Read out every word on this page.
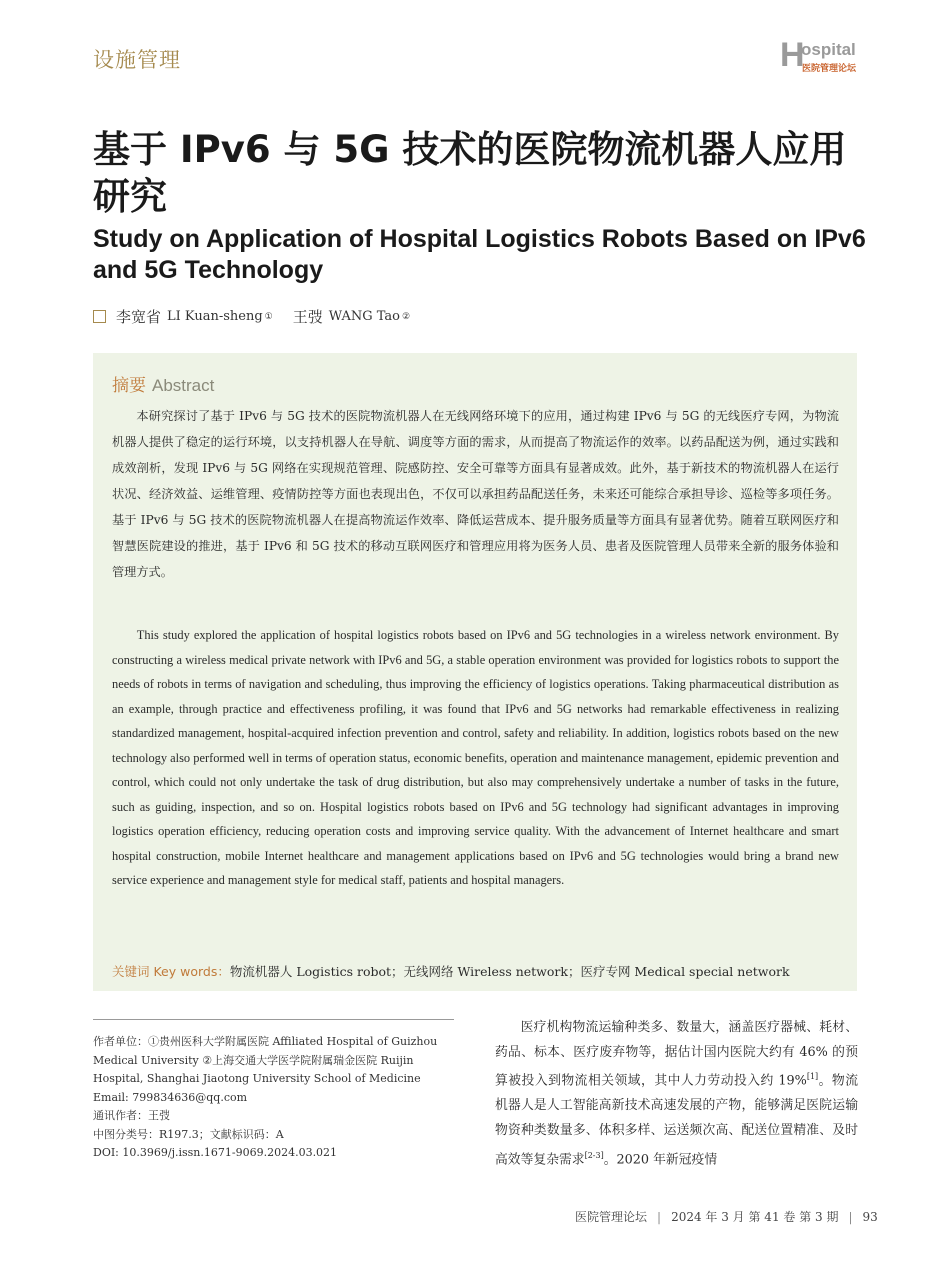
设施管理	H
ospital
医院管理论坛
基于 IPv6 与 5G 技术的医院物流机器人应用研究
Study on Application of Hospital Logistics Robots Based on IPv6 and 5G Technology
李宽省 LI Kuan-sheng ① 王弢 WANG Tao ②
摘要 Abstract

本研究探讨了基于 IPv6 与 5G 技术的医院物流机器人在无线网络环境下的应用，通过构建 IPv6 与 5G 的无线医疗专网，为物流机器人提供了稳定的运行环境，以支持机器人在导航、调度等方面的需求，从而提高了物流运作的效率。以药品配送为例，通过实践和成效剖析，发现 IPv6 与 5G 网络在实现规范管理、院感防控、安全可靠等方面具有显著成效。此外，基于新技术的物流机器人在运行状况、经济效益、运维管理、疫情防控等方面也表现出色，不仅可以承担药品配送任务，未来还可能综合承担导诊、巡检等多项任务。基于 IPv6 与 5G 技术的医院物流机器人在提高物流运作效率、降低运营成本、提升服务质量等方面具有显著优势。随着互联网医疗和智慧医院建设的推进，基于 IPv6 和 5G 技术的移动互联网医疗和管理应用将为医务人员、患者及医院管理人员带来全新的服务体验和管理方式。

This study explored the application of hospital logistics robots based on IPv6 and 5G technologies in a wireless network environment. By constructing a wireless medical private network with IPv6 and 5G, a stable operation environment was provided for logistics robots to support the needs of robots in terms of navigation and scheduling, thus improving the efficiency of logistics operations. Taking pharmaceutical distribution as an example, through practice and effectiveness profiling, it was found that IPv6 and 5G networks had remarkable effectiveness in realizing standardized management, hospital-acquired infection prevention and control, safety and reliability. In addition, logistics robots based on the new technology also performed well in terms of operation status, economic benefits, operation and maintenance management, epidemic prevention and control, which could not only undertake the task of drug distribution, but also may comprehensively undertake a number of tasks in the future, such as guiding, inspection, and so on. Hospital logistics robots based on IPv6 and 5G technology had significant advantages in improving logistics operation efficiency, reducing operation costs and improving service quality. With the advancement of Internet healthcare and smart hospital construction, mobile Internet healthcare and management applications based on IPv6 and 5G technologies would bring a brand new service experience and management style for medical staff, patients and hospital managers.

关键词 Key words：物流机器人 Logistics robot；无线网络 Wireless network；医疗专网 Medical special network
作者单位：①贵州医科大学附属医院 Affiliated Hospital of Guizhou
Medical University ②上海交通大学医学院附属瑞金医院 Ruijin
Hospital, Shanghai Jiaotong University School of Medicine
Email: 799834636@qq.com
通讯作者：王弢
中图分类号：R197.3；文献标识码：A
DOI: 10.3969/j.issn.1671-9069.2024.03.021

医疗机构物流运输种类多、数量大，涵盖医疗器械、耗材、药品、标本、医疗废弃物等，据估计国内医院大约有 46% 的预算被投入到物流相关领域，其中人力劳动投入约 19%[1]。物流机器人是人工智能高新技术高速发展的产物，能够满足医院运输物资种类数量多、体积多样、运送频次高、配送位置精准、及时高效等复杂需求[2-3]。2020 年新冠疫情

医院管理论坛 | 2024 年 3 月 第 41 卷 第 3 期 | 93
